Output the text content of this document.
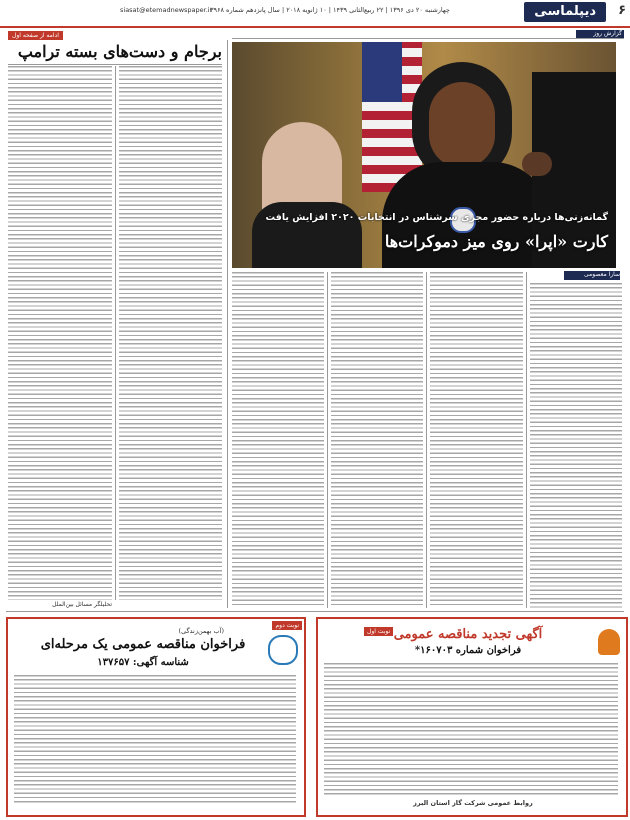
۶
دیپلماسی
siasat@etemadnewspaper.ir
چهارشنبه ۲۰ دی ۱۳۹۶ | ۲۲ ربیع‌الثانی ۱۴۳۹ | ۱۰ ژانویه ۲۰۱۸ | سال پانزدهم شماره ۳۹۶۸
گزارش روز
ادامه از صفحه اول
برجام و دست‌های بسته ترامپ
تحلیلگر مسائل بین‌الملل
گمانه‌زنی‌ها درباره حضور مجری سرشناس در انتخابات ۲۰۲۰ افزایش یافت
کارت «اپرا» روی میز دموکرات‌ها
سارا معصومی
نوبت دوم
(آب بهمن‌زندگی)
فراخوان مناقصه عمومی یک مرحله‌ای
شناسه آگهی: ۱۳۷۶۵۷
نوبت اول آگهی تجدید مناقصه عمومی
فراخوان شماره ۱۶۰۷۰۳*
روابط عمومی شرکت گاز استان البرز
